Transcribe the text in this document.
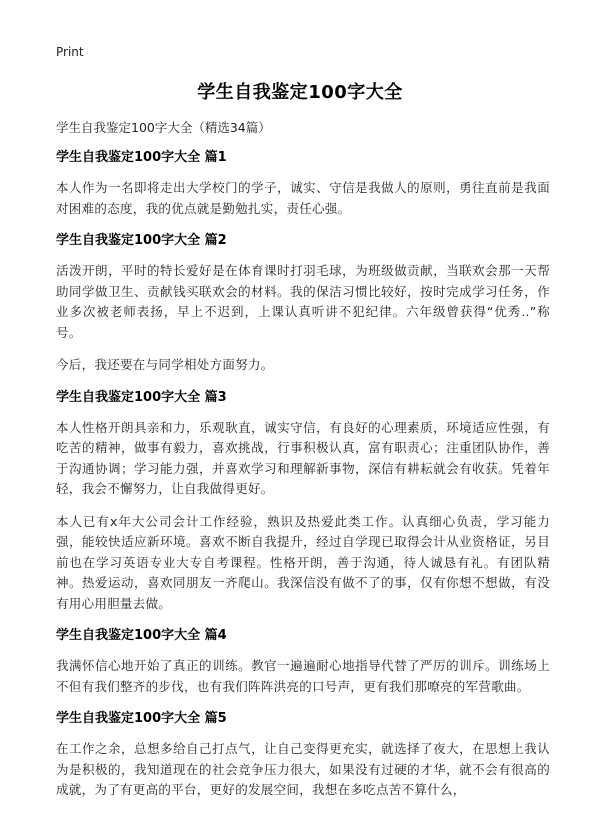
Print
学生自我鉴定100字大全
学生自我鉴定100字大全（精选34篇）
学生自我鉴定100字大全 篇1

本人作为一名即将走出大学校门的学子，诚实、守信是我做人的原则，勇往直前是我面对困难的态度，我的优点就是勤勉扎实，责任心强。

学生自我鉴定100字大全 篇2

活泼开朗，平时的特长爱好是在体育课时打羽毛球，为班级做贡献，当联欢会那一天帮助同学做卫生、贡献钱买联欢会的材料。我的保洁习惯比较好，按时完成学习任务，作业多次被老师表扬，早上不迟到，上课认真听讲不犯纪律。六年级曾获得“优秀..”称号。

今后，我还要在与同学相处方面努力。

学生自我鉴定100字大全 篇3

本人性格开朗具亲和力，乐观耿直，诚实守信，有良好的心理素质，环境适应性强，有吃苦的精神，做事有毅力，喜欢挑战，行事积极认真，富有职责心；注重团队协作，善于沟通协调；学习能力强，并喜欢学习和理解新事物，深信有耕耘就会有收获。凭着年轻，我会不懈努力，让自我做得更好。

本人已有x年大公司会计工作经验，熟识及热爱此类工作。认真细心负责，学习能力强，能较快适应新环境。喜欢不断自我提升，经过自学现已取得会计从业资格证，另目前也在学习英语专业大专自考课程。性格开朗，善于沟通，待人诚恳有礼。有团队精神。热爱运动，喜欢同朋友一齐爬山。我深信没有做不了的事，仅有你想不想做，有没有用心用胆量去做。

学生自我鉴定100字大全 篇4

我满怀信心地开始了真正的训练。教官一遍遍耐心地指导代替了严厉的训斥。训练场上不但有我们整齐的步伐，也有我们阵阵洪亮的口号声，更有我们那嘹亮的军营歌曲。

学生自我鉴定100字大全 篇5

在工作之余，总想多给自己打点气，让自己变得更充实，就选择了夜大，在思想上我认为是积极的，我知道现在的社会竞争压力很大，如果没有过硬的才华，就不会有很高的成就，为了有更高的平台，更好的发展空间，我想在多吃点苦不算什么，
